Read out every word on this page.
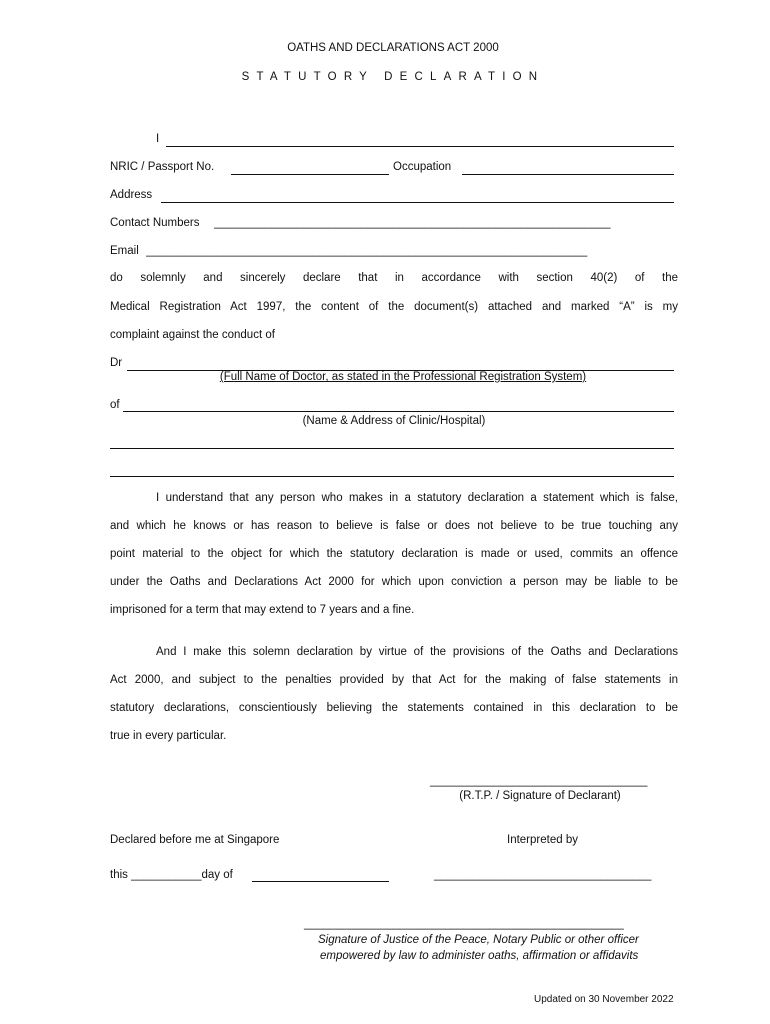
OATHS AND DECLARATIONS ACT 2000
STATUTORY DECLARATION
I
NRIC / Passport No.	Occupation
Address
Contact Numbers ______________________________________________________________
Email _____________________________________________________________________
do solemnly and sincerely declare that in accordance with section 40(2) of the
Medical Registration Act 1997, the content of the document(s) attached and marked “A” is my
complaint against the conduct of
Dr
(Full Name of Doctor, as stated in the Professional Registration System)
of
(Name & Address of Clinic/Hospital)
I understand that any person who makes in a statutory declaration a statement which is false,
and which he knows or has reason to believe is false or does not believe to be true touching any
point material to the object for which the statutory declaration is made or used, commits an offence
under the Oaths and Declarations Act 2000 for which upon conviction a person may be liable to be
imprisoned for a term that may extend to 7 years and a fine.
And I make this solemn declaration by virtue of the provisions of the Oaths and Declarations
Act 2000, and subject to the penalties provided by that Act for the making of false statements in
statutory declarations, conscientiously believing the statements contained in this declaration to be
true in every particular.
__________________________________
(R.T.P. / Signature of Declarant)
Declared before me at Singapore	Interpreted by
this ___________day of	__________________________________
__________________________________________________
Signature of Justice of the Peace, Notary Public or other officer
empowered by law to administer oaths, affirmation or affidavits
Updated on 30 November 2022
